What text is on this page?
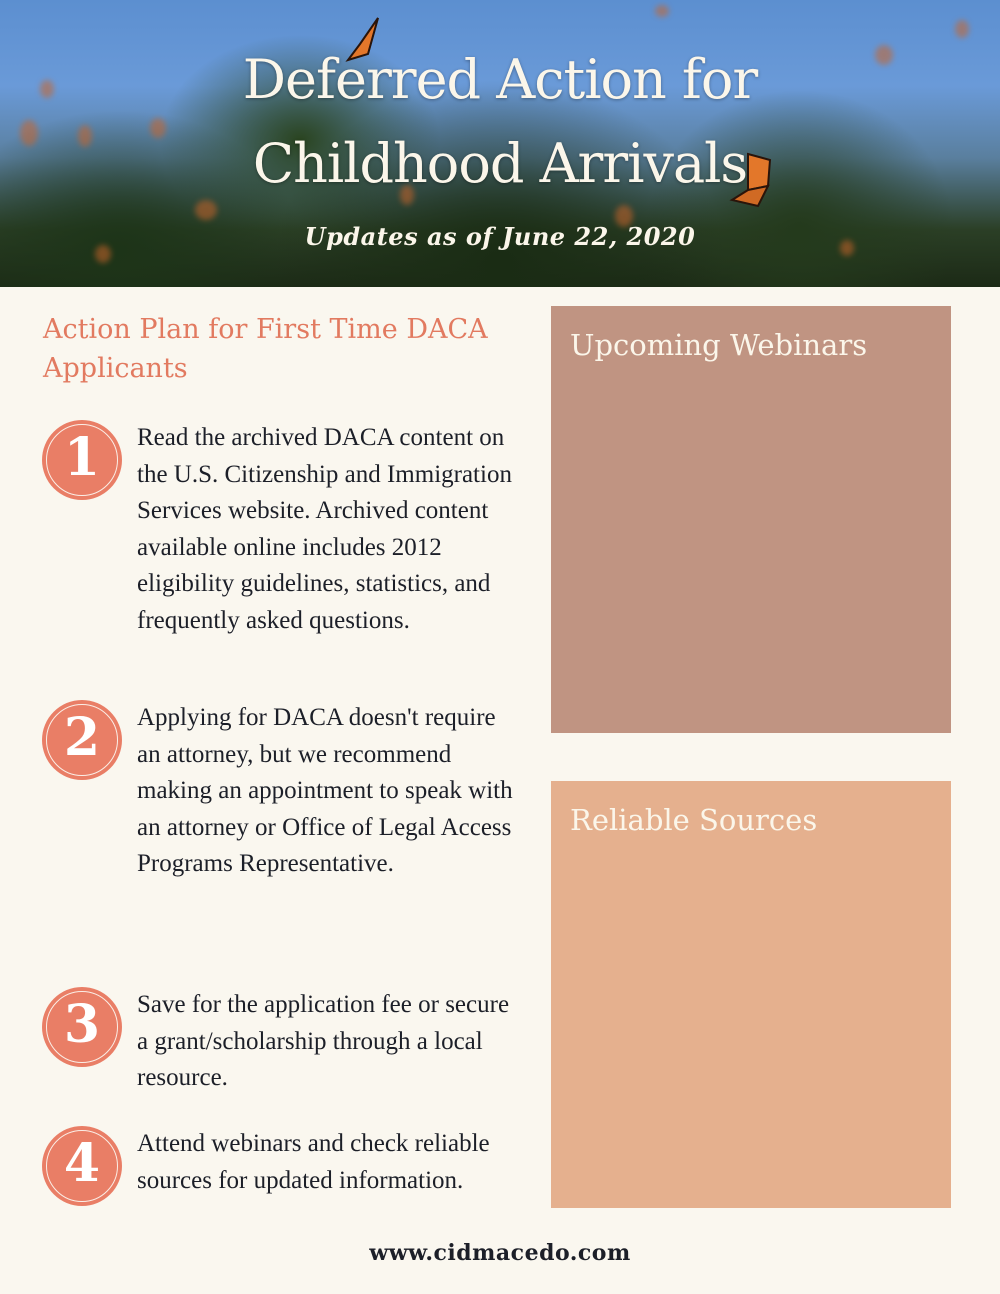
Deferred Action for
Childhood Arrivals
Updates as of June 22, 2020
Action Plan for First Time DACA Applicants
1 Read the archived DACA content on the U.S. Citizenship and Immigration Services website. Archived content available online includes 2012 eligibility guidelines, statistics, and frequently asked questions.
2 Applying for DACA doesn't require an attorney, but we recommend making an appointment to speak with an attorney or Office of Legal Access Programs Representative.
3 Save for the application fee or secure a grant/scholarship through a local resource.
4 Attend webinars and check reliable sources for updated information.
Upcoming Webinars
Reliable Sources
www.cidmacedo.com
